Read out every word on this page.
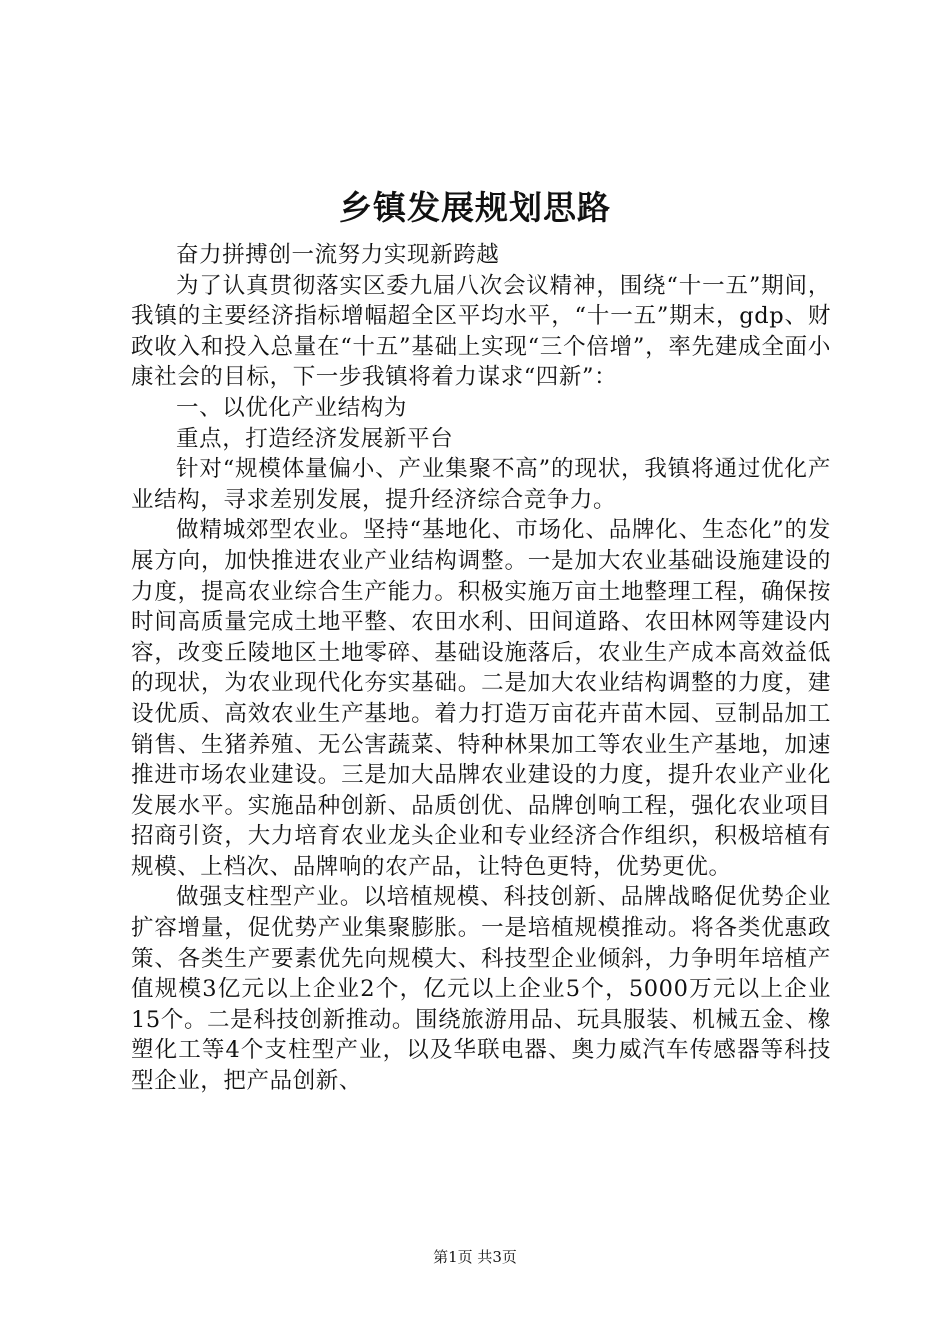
乡镇发展规划思路

奋力拼搏创一流努力实现新跨越

为了认真贯彻落实区委九届八次会议精神，围绕“十一五”期间，我镇的主要经济指标增幅超全区平均水平，“十一五”期末，gdp、财政收入和投入总量在“十五”基础上实现“三个倍增”，率先建成全面小康社会的目标，下一步我镇将着力谋求“四新”：

一、以优化产业结构为

重点，打造经济发展新平台

针对“规模体量偏小、产业集聚不高”的现状，我镇将通过优化产业结构，寻求差别发展，提升经济综合竞争力。

做精城郊型农业。坚持“基地化、市场化、品牌化、生态化”的发展方向，加快推进农业产业结构调整。一是加大农业基础设施建设的力度，提高农业综合生产能力。积极实施万亩土地整理工程，确保按时间高质量完成土地平整、农田水利、田间道路、农田林网等建设内容，改变丘陵地区土地零碎、基础设施落后，农业生产成本高效益低的现状，为农业现代化夯实基础。二是加大农业结构调整的力度，建设优质、高效农业生产基地。着力打造万亩花卉苗木园、豆制品加工销售、生猪养殖、无公害蔬菜、特种林果加工等农业生产基地，加速推进市场农业建设。三是加大品牌农业建设的力度，提升农业产业化发展水平。实施品种创新、品质创优、品牌创响工程，强化农业项目招商引资，大力培育农业龙头企业和专业经济合作组织，积极培植有规模、上档次、品牌响的农产品，让特色更特，优势更优。

做强支柱型产业。以培植规模、科技创新、品牌战略促优势企业扩容增量，促优势产业集聚膨胀。一是培植规模推动。将各类优惠政策、各类生产要素优先向规模大、科技型企业倾斜，力争明年培植产值规模3亿元以上企业2个，亿元以上企业5个，5000万元以上企业15个。二是科技创新推动。围绕旅游用品、玩具服装、机械五金、橡塑化工等4个支柱型产业，以及华联电器、奥力威汽车传感器等科技型企业，把产品创新、

第1页 共3页
